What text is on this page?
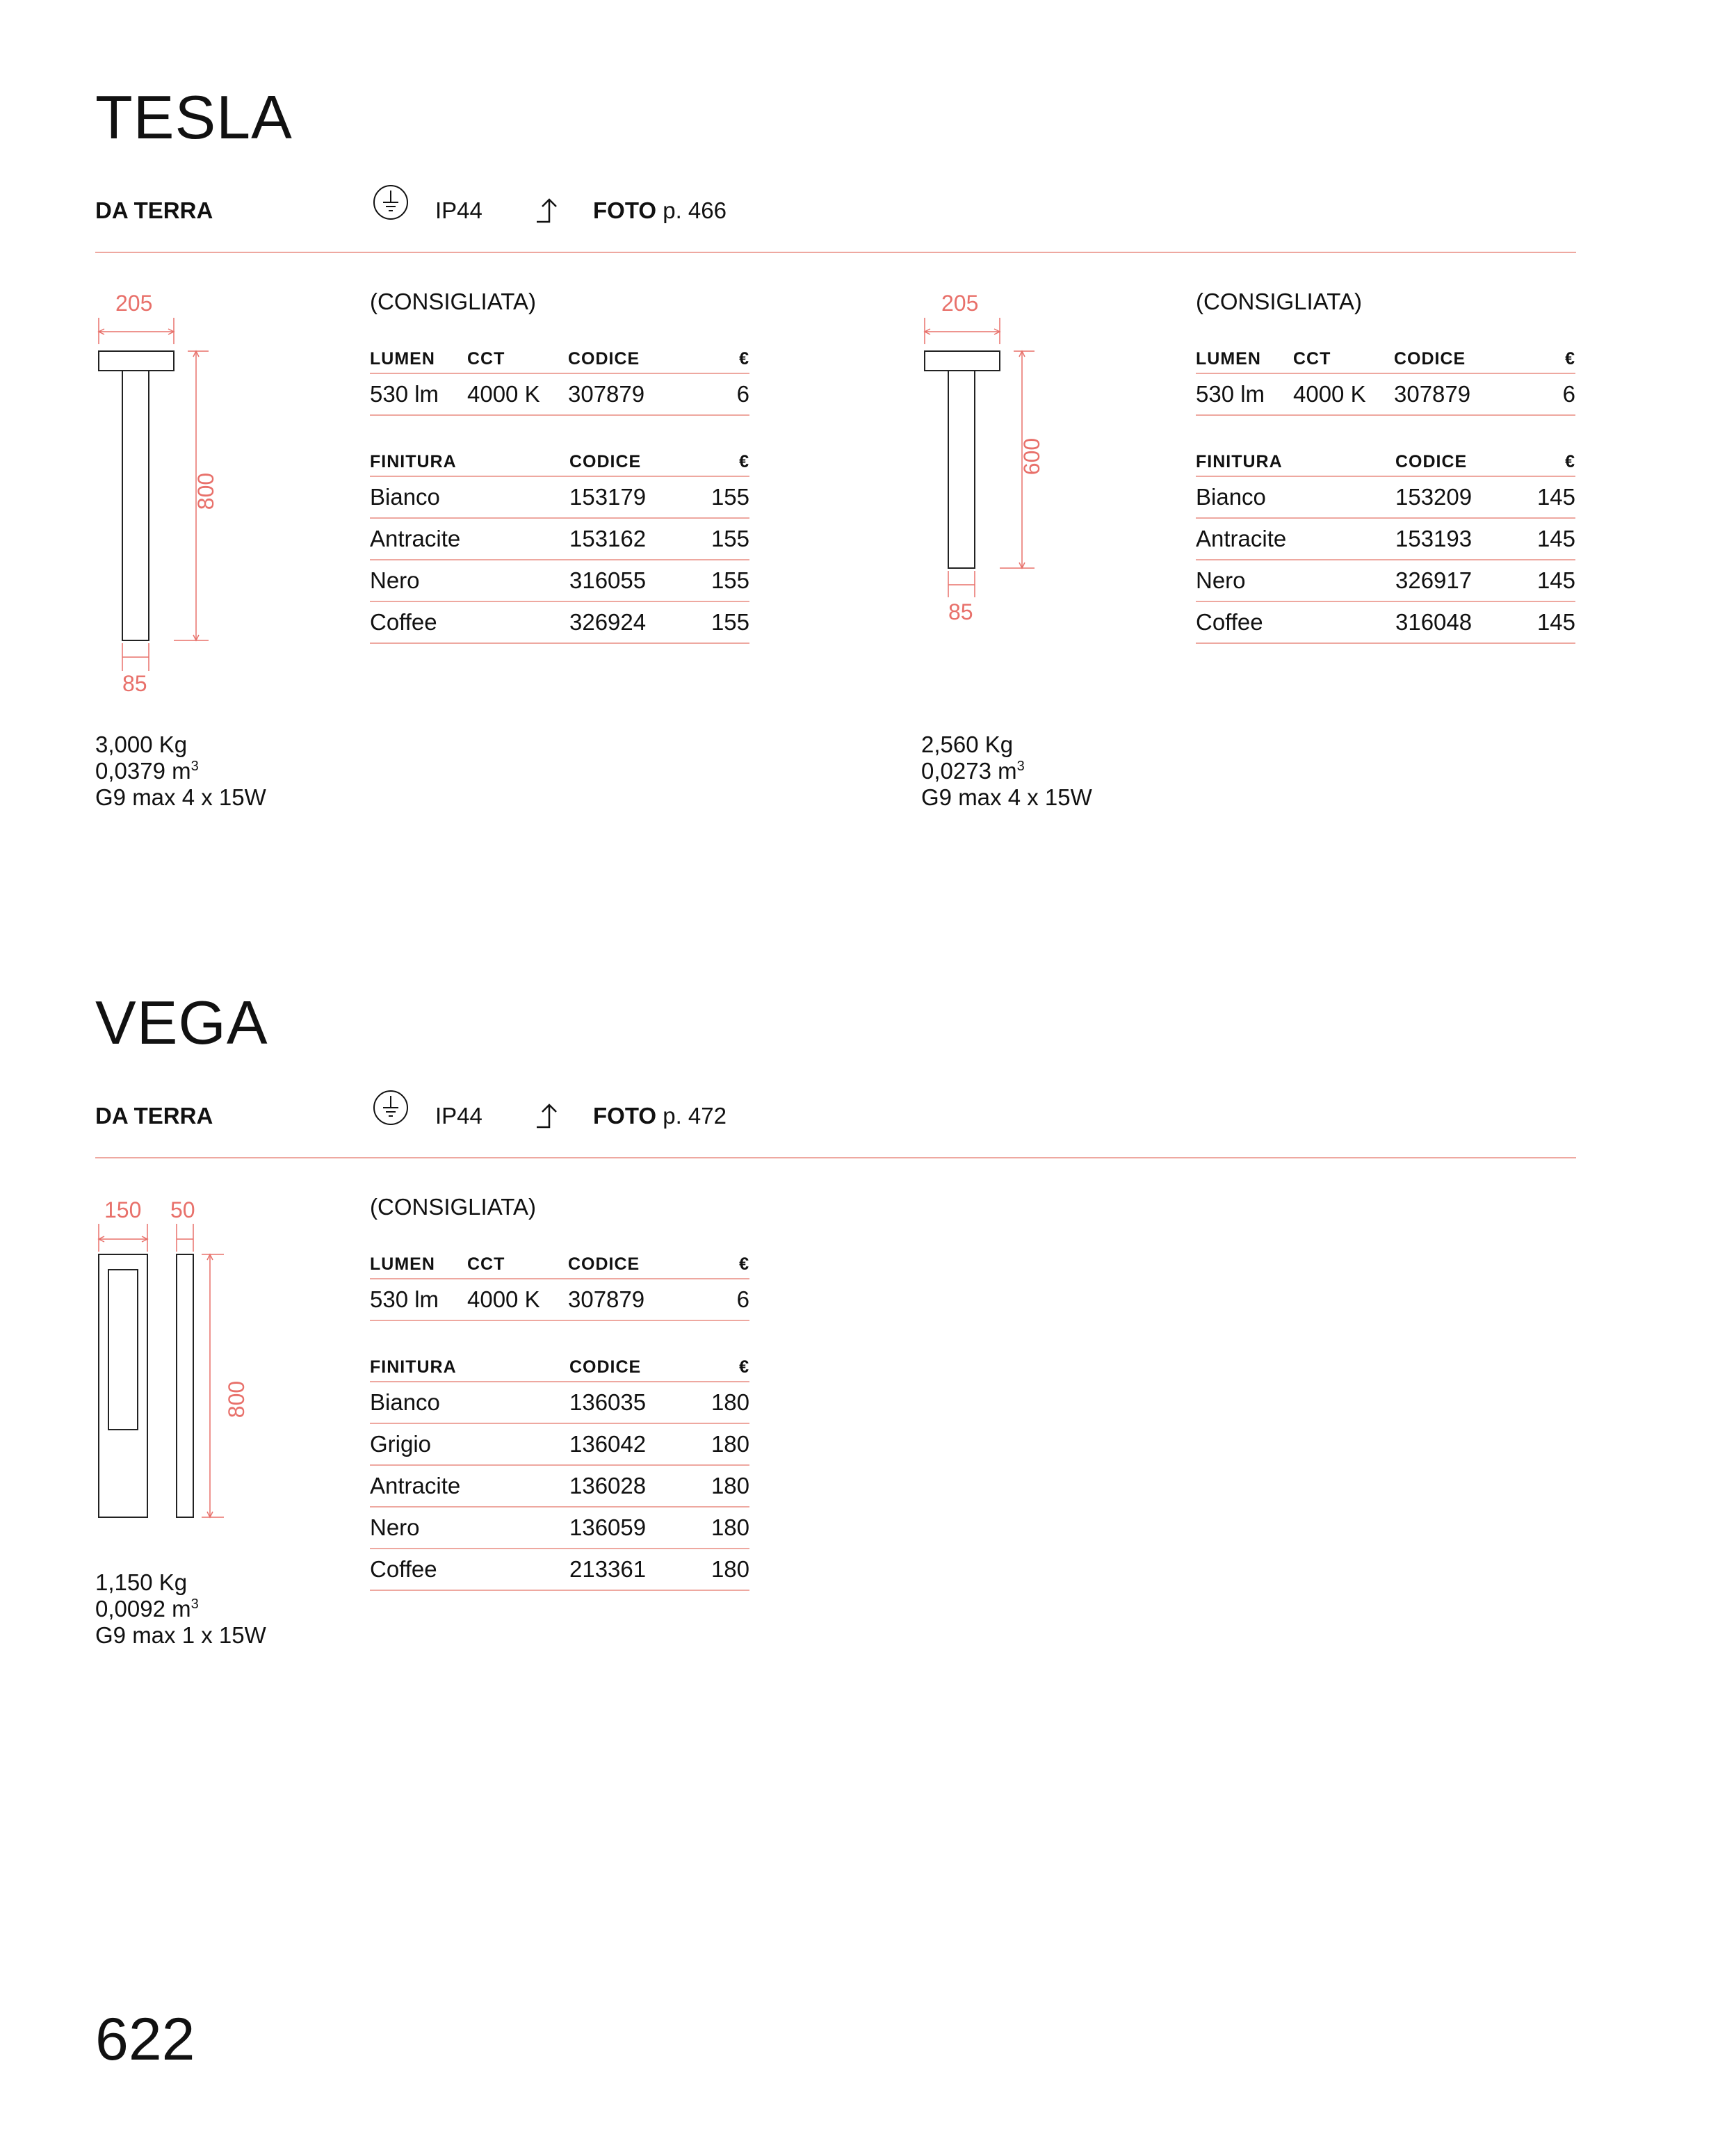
TESLA
DA TERRA	IP44	FOTO p. 466
205
800
85
(CONSIGLIATA)
LUMEN CCT	CODICE	€
530 lm 4000 K 307879	6
FINITURA	CODICE	€
Bianco	153179	155
Antracite	153162	155
Nero	316055	155
Coffee	326924	155
3,000 Kg
0,0379 $m^3$
G9 max 4 x 15W
205
600
85
(CONSIGLIATA)
LUMEN CCT	CODICE	€
530 lm 4000 K 307879	6
FINITURA	CODICE	€
Bianco	153209	145
Antracite	153193	145
Nero	326917	145
Coffee	316048	145
2,560 Kg
0,0273 $m^3$
G9 max 4 x 15W
VEGA
DA TERRA	IP44	FOTO p. 472
150 50
800
(CONSIGLIATA)
LUMEN CCT	CODICE	€
530 lm 4000 K 307879	6
FINITURA	CODICE	€
Bianco	136035	180
Grigio	136042	180
Antracite	136028	180
Nero	136059	180
Coffee	213361	180
1,150 Kg
0,0092 $m^3$
G9 max 1 x 15W
622
